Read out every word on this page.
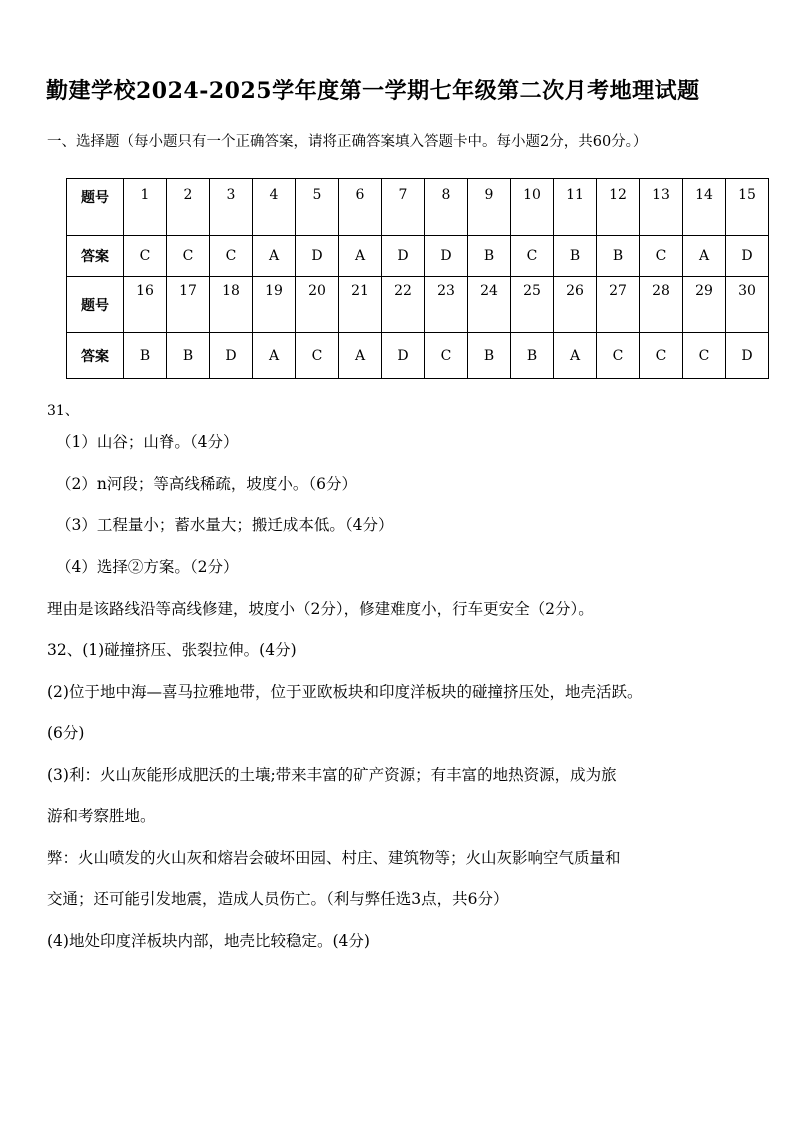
勤建学校2024-2025学年度第一学期七年级第二次月考地理试题
一、选择题（每小题只有一个正确答案，请将正确答案填入答题卡中。每小题2分，共60分。）
题号	1	2	3	4	5	6	7	8	9	10	11	12	13	14	15
答案	C	C	C	A	D	A	D	D	B	C	B	B	C	A	D
题号	16	17	18	19	20	21	22	23	24	25	26	27	28	29	30
答案	B	B	D	A	C	A	D	C	B	B	A	C	C	C	D
31、
（1）山谷；山脊。（4分）
（2）n河段；等高线稀疏，坡度小。（6分）
（3）工程量小；蓄水量大；搬迁成本低。（4分）
（4）选择②方案。（2分）
理由是该路线沿等高线修建，坡度小（2分），修建难度小，行车更安全（2分）。
32、(1)碰撞挤压、张裂拉伸。(4分)
(2)位于地中海—喜马拉雅地带，位于亚欧板块和印度洋板块的碰撞挤压处，地壳活跃。
(6分)
(3)利：火山灰能形成肥沃的土壤;带来丰富的矿产资源；有丰富的地热资源，成为旅
游和考察胜地。
弊：火山喷发的火山灰和熔岩会破坏田园、村庄、建筑物等；火山灰影响空气质量和
交通；还可能引发地震，造成人员伤亡。（利与弊任选3点，共6分）
(4)地处印度洋板块内部，地壳比较稳定。(4分)
